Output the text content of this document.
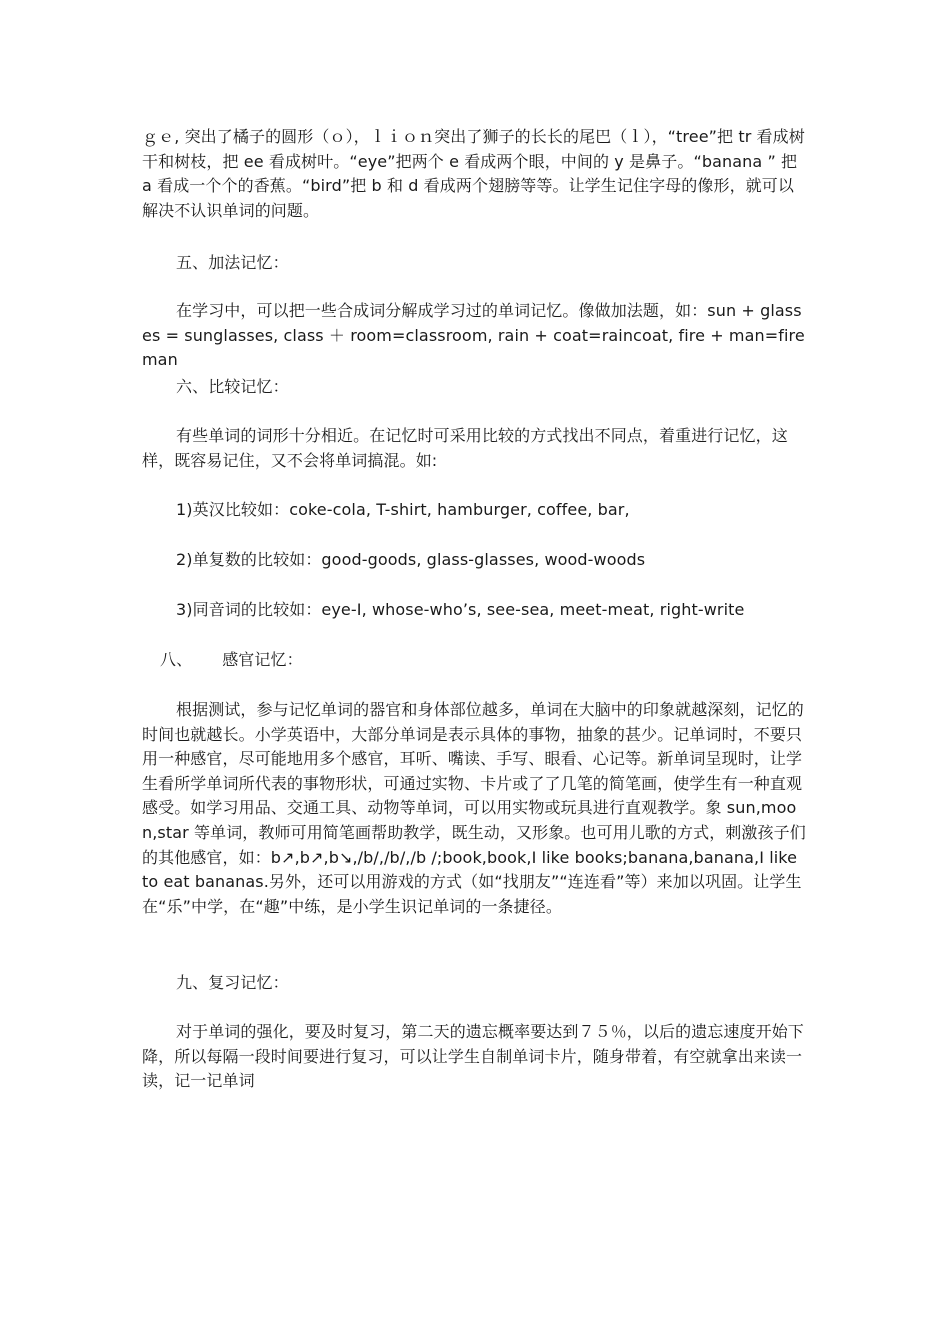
ｇｅ, 突出了橘子的圆形（ｏ），ｌｉｏｎ突出了狮子的长长的尾巴（ｌ），“tree”把 tr 看成树干和树枝，把 ee 看成树叶。“eye”把两个 e 看成两个眼，中间的 y 是鼻子。“banana ” 把 a 看成一个个的香蕉。“bird”把 b 和 d 看成两个翅膀等等。让学生记住字母的像形，就可以解决不认识单词的问题。

五、加法记忆：

在学习中，可以把一些合成词分解成学习过的单词记忆。像做加法题，如：sun + glasses = sunglasses, class ＋ room=classroom, rain + coat=raincoat, fire + man=fireman

六、比较记忆：

有些单词的词形十分相近。在记忆时可采用比较的方式找出不同点，着重进行记忆，这样，既容易记住，又不会将单词搞混。如:

1)英汉比较如：coke-cola, T-shirt, hamburger, coffee, bar,

2)单复数的比较如：good-goods, glass-glasses, wood-woods

3)同音词的比较如：eye-I, whose-who’s, see-sea, meet-meat, right-write

八、 感官记忆：

根据测试，参与记忆单词的器官和身体部位越多，单词在大脑中的印象就越深刻，记忆的时间也就越长。小学英语中，大部分单词是表示具体的事物，抽象的甚少。记单词时，不要只用一种感官，尽可能地用多个感官，耳听、嘴读、手写、眼看、心记等。新单词呈现时，让学生看所学单词所代表的事物形状，可通过实物、卡片或了了几笔的简笔画，使学生有一种直观感受。如学习用品、交通工具、动物等单词，可以用实物或玩具进行直观教学。象 sun,moon,star 等单词，教师可用简笔画帮助教学，既生动，又形象。也可用儿歌的方式，刺激孩子们的其他感官，如：b↗,b↗,b↘,/b/,/b/,/b /;book,book,I like books;banana,banana,I like to eat bananas.另外，还可以用游戏的方式（如“找朋友”“连连看”等）来加以巩固。让学生在“乐”中学，在“趣”中练，是小学生识记单词的一条捷径。

九、复习记忆：

对于单词的强化，要及时复习，第二天的遗忘概率要达到７５％，以后的遗忘速度开始下降，所以每隔一段时间要进行复习，可以让学生自制单词卡片，随身带着，有空就拿出来读一读，记一记单词
